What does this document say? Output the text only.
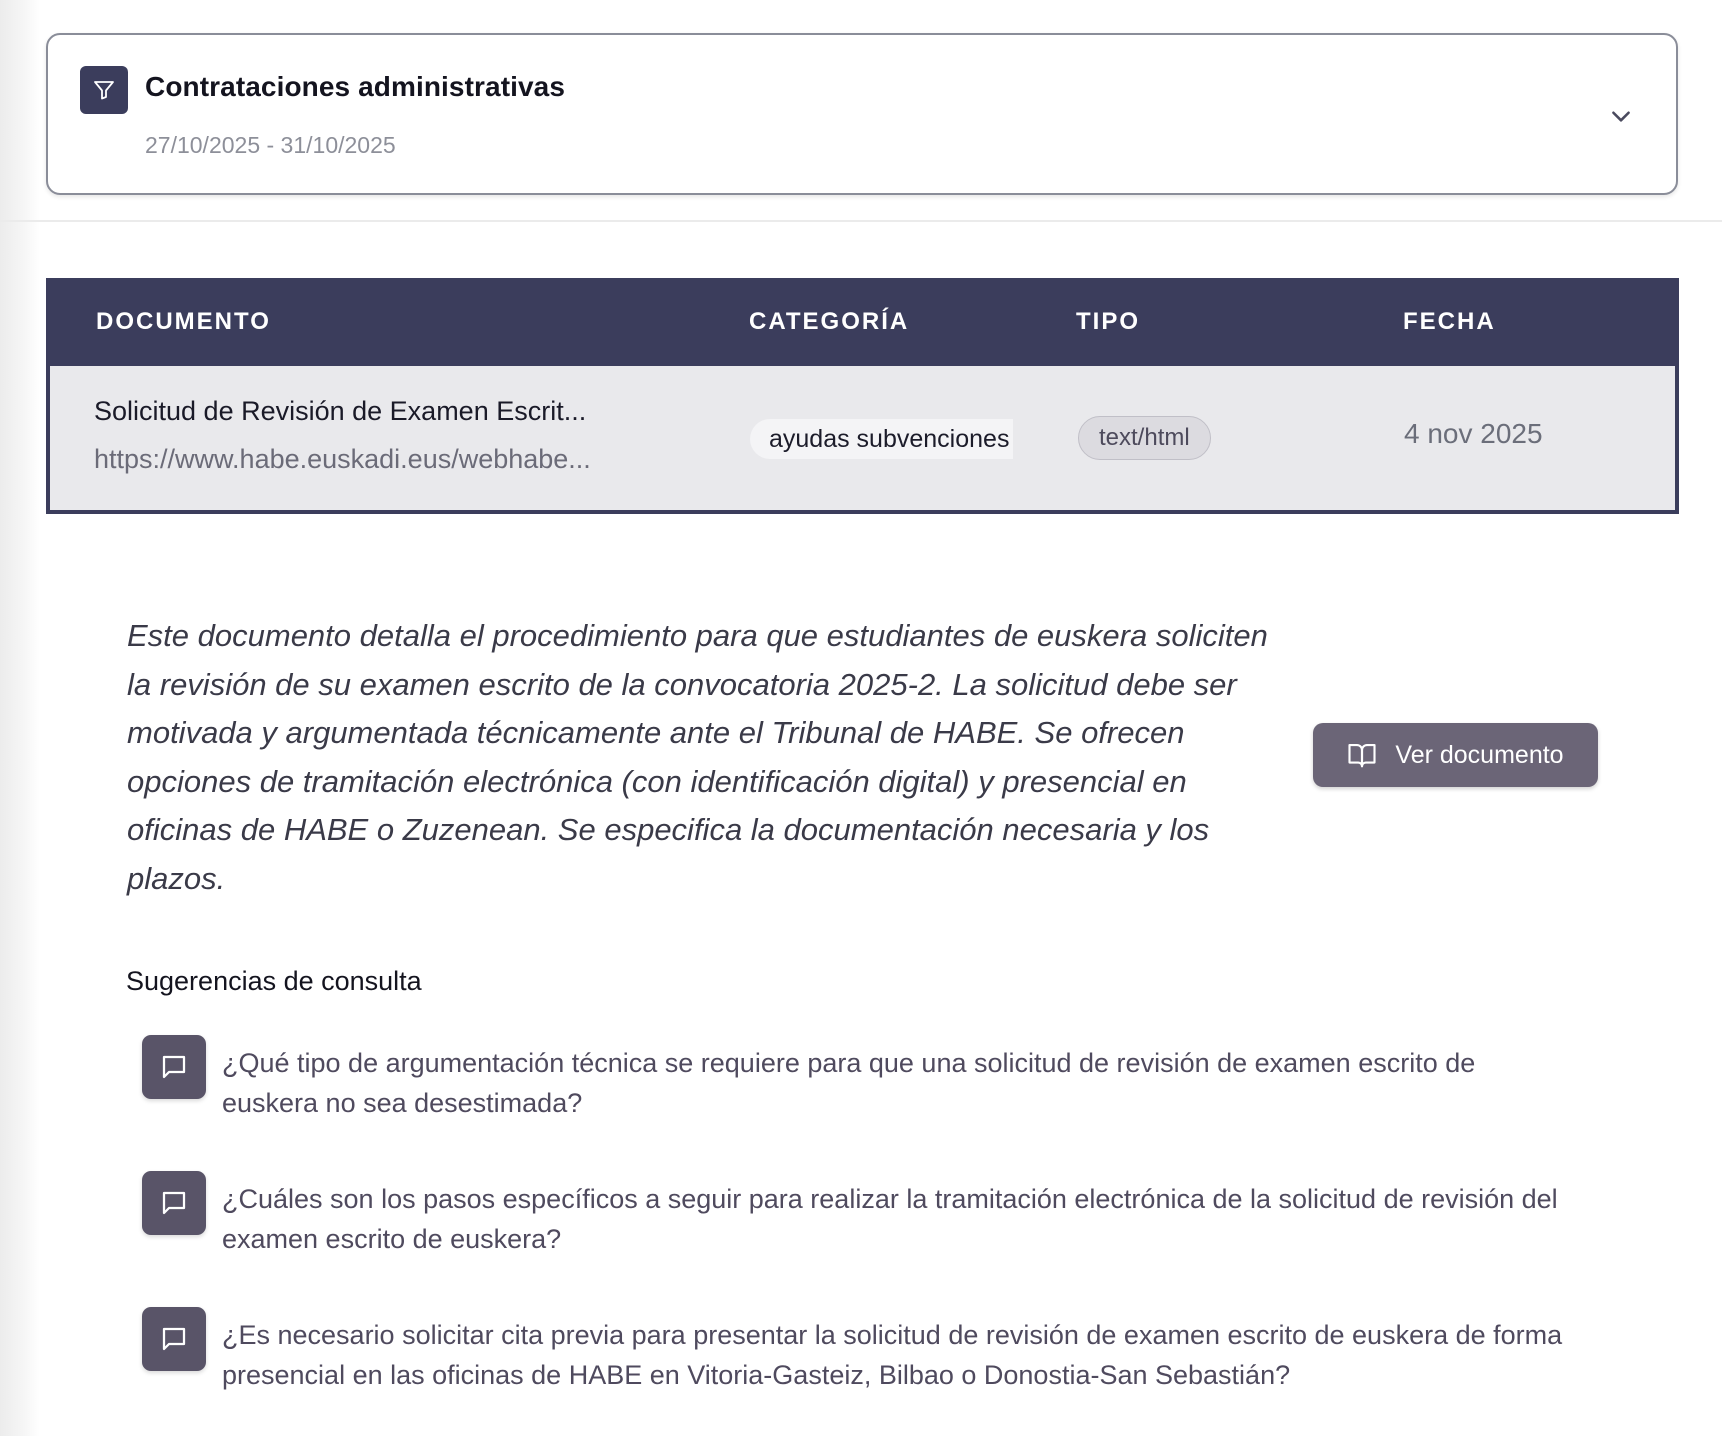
Contrataciones administrativas
27/10/2025 - 31/10/2025
DOCUMENTO	CATEGORÍA	TIPO	FECHA
Solicitud de Revisión de Examen Escrit...
https://www.habe.euskadi.eus/webhabe...
ayudas subvenciones	text/html	4 nov 2025
Este documento detalla el procedimiento para que estudiantes de euskera soliciten la revisión de su examen escrito de la convocatoria 2025-2. La solicitud debe ser motivada y argumentada técnicamente ante el Tribunal de HABE. Se ofrecen opciones de tramitación electrónica (con identificación digital) y presencial en oficinas de HABE o Zuzenean. Se especifica la documentación necesaria y los plazos.
Ver documento
Sugerencias de consulta
¿Qué tipo de argumentación técnica se requiere para que una solicitud de revisión de examen escrito de euskera no sea desestimada?
¿Cuáles son los pasos específicos a seguir para realizar la tramitación electrónica de la solicitud de revisión del examen escrito de euskera?
¿Es necesario solicitar cita previa para presentar la solicitud de revisión de examen escrito de euskera de forma presencial en las oficinas de HABE en Vitoria-Gasteiz, Bilbao o Donostia-San Sebastián?
